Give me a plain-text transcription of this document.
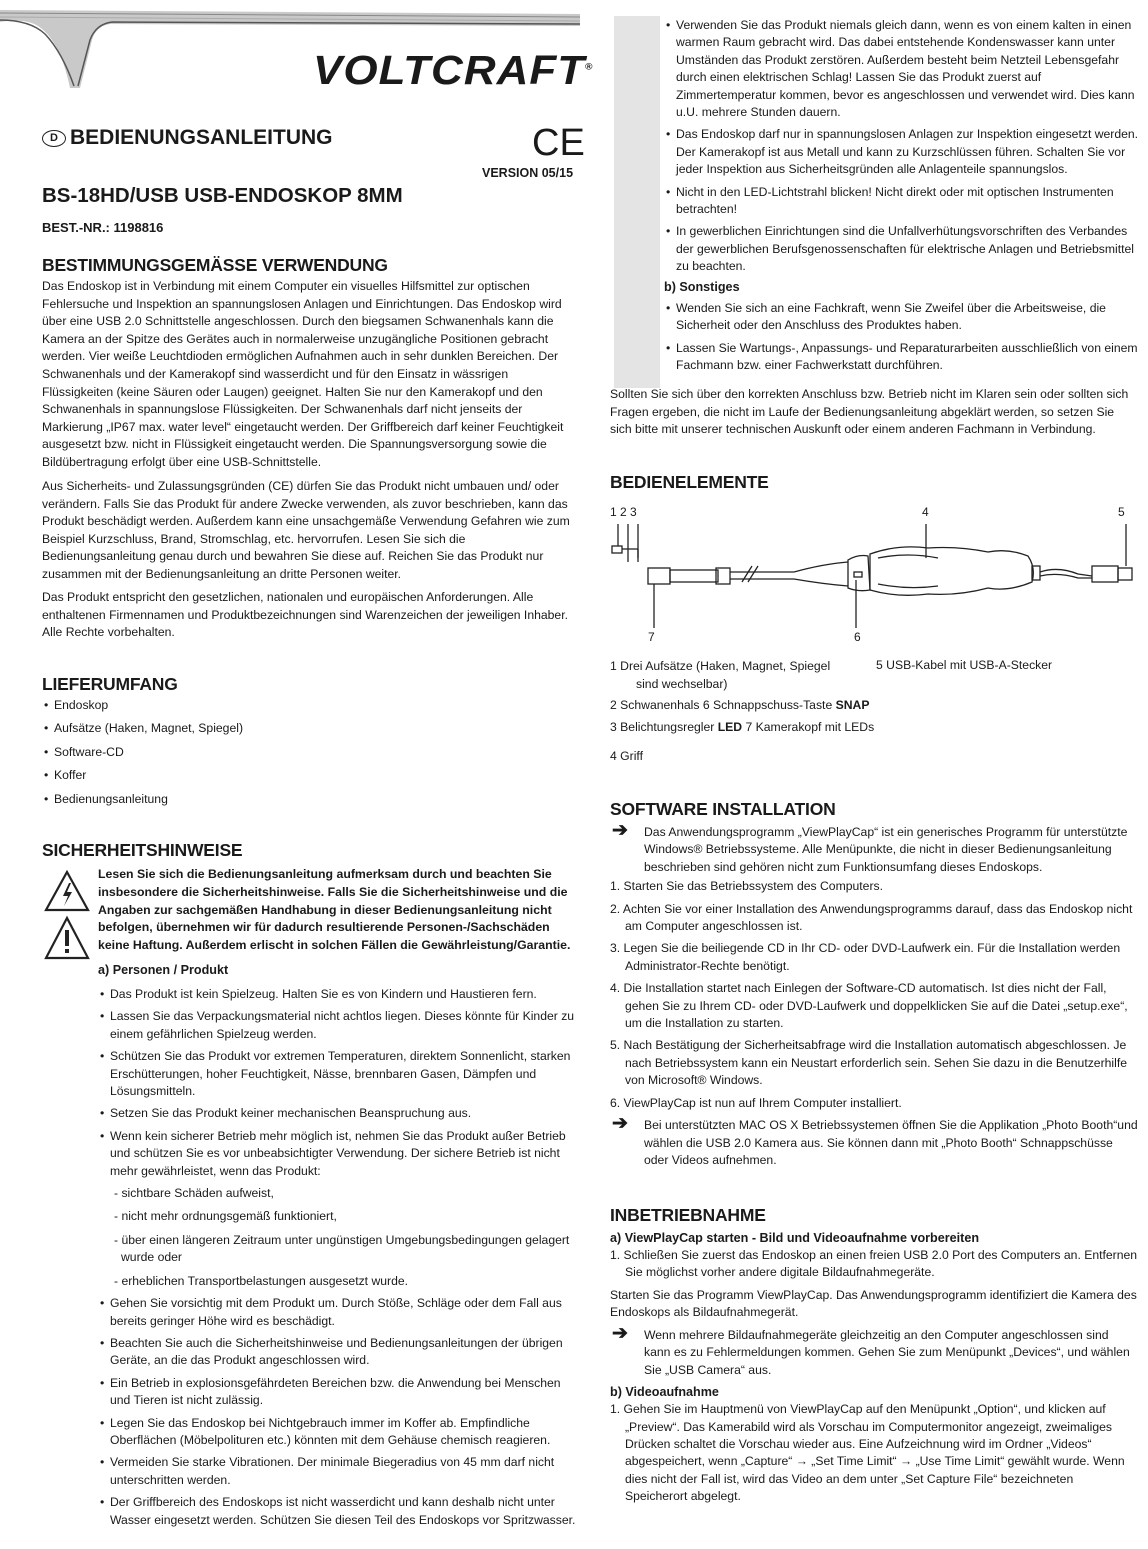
VOLTCRAFT®
D BEDIENUNGSANLEITUNG	CE
VERSION 05/15
BS-18HD/USB USB-ENDOSKOP 8MM
BEST.-NR.: 1198816
BESTIMMUNGSGEMÄSSE VERWENDUNG

Das Endoskop ist in Verbindung mit einem Computer ein visuelles Hilfsmittel zur optischen Fehlersuche und Inspektion an spannungslosen Anlagen und Einrichtungen. Das Endoskop wird über eine USB 2.0 Schnittstelle angeschlossen. Durch den biegsamen Schwanenhals kann die Kamera an der Spitze des Gerätes auch in normalerweise unzugängliche Positionen gebracht werden. Vier weiße Leuchtdioden ermöglichen Aufnahmen auch in sehr dunklen Bereichen. Der Schwanenhals und der Kamerakopf sind wasserdicht und für den Einsatz in wässrigen Flüssigkeiten (keine Säuren oder Laugen) geeignet. Halten Sie nur den Kamerakopf und den Schwanenhals in spannungslose Flüssigkeiten. Der Schwanenhals darf nicht jenseits der Markierung „IP67 max. water level“ eingetaucht werden. Der Griffbereich darf keiner Feuchtigkeit ausgesetzt bzw. nicht in Flüssigkeit eingetaucht werden. Die Spannungsversorgung sowie die Bildübertragung erfolgt über eine USB-Schnittstelle.

Aus Sicherheits- und Zulassungsgründen (CE) dürfen Sie das Produkt nicht umbauen und/ oder verändern. Falls Sie das Produkt für andere Zwecke verwenden, als zuvor beschrieben, kann das Produkt beschädigt werden. Außerdem kann eine unsachgemäße Verwendung Gefahren wie zum Beispiel Kurzschluss, Brand, Stromschlag, etc. hervorrufen. Lesen Sie sich die Bedienungsanleitung genau durch und bewahren Sie diese auf. Reichen Sie das Produkt nur zusammen mit der Bedienungsanleitung an dritte Personen weiter.

Das Produkt entspricht den gesetzlichen, nationalen und europäischen Anforderungen. Alle enthaltenen Firmennamen und Produktbezeichnungen sind Warenzeichen der jeweiligen Inhaber. Alle Rechte vorbehalten.

LIEFERUMFANG
• Endoskop
• Aufsätze (Haken, Magnet, Spiegel)
• Software-CD
• Koffer
• Bedienungsanleitung
SICHERHEITSHINWEISE

Lesen Sie sich die Bedienungsanleitung aufmerksam durch und beachten Sie insbesondere die Sicherheitshinweise. Falls Sie die Sicherheitshinweise und die Angaben zur sachgemäßen Handhabung in dieser Bedienungsanleitung nicht befolgen, übernehmen wir für dadurch resultierende Personen-/Sachschäden keine Haftung. Außerdem erlischt in solchen Fällen die Gewährleistung/Garantie.

a) Personen / Produkt
• Das Produkt ist kein Spielzeug. Halten Sie es von Kindern und Haustieren fern.
• Lassen Sie das Verpackungsmaterial nicht achtlos liegen. Dieses könnte für Kinder zu einem gefährlichen Spielzeug werden.
• Schützen Sie das Produkt vor extremen Temperaturen, direktem Sonnenlicht, starken Erschütterungen, hoher Feuchtigkeit, Nässe, brennbaren Gasen, Dämpfen und Lösungsmitteln.
• Setzen Sie das Produkt keiner mechanischen Beanspruchung aus.
• Wenn kein sicherer Betrieb mehr möglich ist, nehmen Sie das Produkt außer Betrieb und schützen Sie es vor unbeabsichtigter Verwendung. Der sichere Betrieb ist nicht mehr gewährleistet, wenn das Produkt:
- sichtbare Schäden aufweist,
- nicht mehr ordnungsgemäß funktioniert,
- über einen längeren Zeitraum unter ungünstigen Umgebungsbedingungen gelagert wurde oder
- erheblichen Transportbelastungen ausgesetzt wurde.
• Gehen Sie vorsichtig mit dem Produkt um. Durch Stöße, Schläge oder dem Fall aus bereits geringer Höhe wird es beschädigt.
• Beachten Sie auch die Sicherheitshinweise und Bedienungsanleitungen der übrigen Geräte, an die das Produkt angeschlossen wird.
• Ein Betrieb in explosionsgefährdeten Bereichen bzw. die Anwendung bei Menschen und Tieren ist nicht zulässig.
• Legen Sie das Endoskop bei Nichtgebrauch immer im Koffer ab. Empfindliche Oberflächen (Möbelpolituren etc.) könnten mit dem Gehäuse chemisch reagieren.
• Vermeiden Sie starke Vibrationen. Der minimale Biegeradius von 45 mm darf nicht unterschritten werden.
• Der Griffbereich des Endoskops ist nicht wasserdicht und kann deshalb nicht unter Wasser eingesetzt werden. Schützen Sie diesen Teil des Endoskops vor Spritzwasser.
• Verwenden Sie das Produkt niemals gleich dann, wenn es von einem kalten in einen warmen Raum gebracht wird. Das dabei entstehende Kondenswasser kann unter Umständen das Produkt zerstören. Außerdem besteht beim Netzteil Lebensgefahr durch einen elektrischen Schlag! Lassen Sie das Produkt zuerst auf Zimmertemperatur kommen, bevor es angeschlossen und verwendet wird. Dies kann u.U. mehrere Stunden dauern.
• Das Endoskop darf nur in spannungslosen Anlagen zur Inspektion eingesetzt werden. Der Kamerakopf ist aus Metall und kann zu Kurzschlüssen führen. Schalten Sie vor jeder Inspektion aus Sicherheitsgründen alle Anlagenteile spannungslos.
• Nicht in den LED-Lichtstrahl blicken! Nicht direkt oder mit optischen Instrumenten betrachten!
• In gewerblichen Einrichtungen sind die Unfallverhütungsvorschriften des Verbandes der gewerblichen Berufsgenossenschaften für elektrische Anlagen und Betriebsmittel zu beachten.
b) Sonstiges
• Wenden Sie sich an eine Fachkraft, wenn Sie Zweifel über die Arbeitsweise, die Sicherheit oder den Anschluss des Produktes haben.
• Lassen Sie Wartungs-, Anpassungs- und Reparaturarbeiten ausschließlich von einem Fachmann bzw. einer Fachwerkstatt durchführen.

Sollten Sie sich über den korrekten Anschluss bzw. Betrieb nicht im Klaren sein oder sollten sich Fragen ergeben, die nicht im Laufe der Bedienungsanleitung abgeklärt werden, so setzen Sie sich bitte mit unserer technischen Auskunft oder einem anderen Fachmann in Verbindung.

BEDIENELEMENTE
1 2 3	4	5
7	6
1 Drei Aufsätze (Haken, Magnet, Spiegel
sind wechselbar)
5 USB-Kabel mit USB-A-Stecker
2 Schwanenhals 6 Schnappschuss-Taste SNAP
3 Belichtungsregler LED 7 Kamerakopf mit LEDs
4 Griff
SOFTWARE INSTALLATION
➔ Das Anwendungsprogramm „ViewPlayCap“ ist ein generisches Programm für unterstützte Windows® Betriebssysteme. Alle Menüpunkte, die nicht in dieser Bedienungsanleitung beschrieben sind gehören nicht zum Funktionsumfang dieses Endoskops.
1. Starten Sie das Betriebssystem des Computers.
2. Achten Sie vor einer Installation des Anwendungsprogramms darauf, dass das Endoskop nicht am Computer angeschlossen ist.
3. Legen Sie die beiliegende CD in Ihr CD- oder DVD-Laufwerk ein. Für die Installation werden Administrator-Rechte benötigt.
4. Die Installation startet nach Einlegen der Software-CD automatisch. Ist dies nicht der Fall, gehen Sie zu Ihrem CD- oder DVD-Laufwerk und doppelklicken Sie auf die Datei „setup.exe“, um die Installation zu starten.
5. Nach Bestätigung der Sicherheitsabfrage wird die Installation automatisch abgeschlossen. Je nach Betriebssystem kann ein Neustart erforderlich sein. Sehen Sie dazu in die Benutzerhilfe von Microsoft® Windows.
6. ViewPlayCap ist nun auf Ihrem Computer installiert.
➔ Bei unterstützten MAC OS X Betriebssystemen öffnen Sie die Applikation „Photo Booth“und wählen die USB 2.0 Kamera aus. Sie können dann mit „Photo Booth“ Schnappschüsse oder Videos aufnehmen.
INBETRIEBNAHME
a) ViewPlayCap starten - Bild und Videoaufnahme vorbereiten
1. Schließen Sie zuerst das Endoskop an einen freien USB 2.0 Port des Computers an. Entfernen Sie möglichst vorher andere digitale Bildaufnahmegeräte.

Starten Sie das Programm ViewPlayCap. Das Anwendungsprogramm identifiziert die Kamera des Endoskops als Bildaufnahmegerät.

➔ Wenn mehrere Bildaufnahmegeräte gleichzeitig an den Computer angeschlossen sind kann es zu Fehlermeldungen kommen. Gehen Sie zum Menüpunkt „Devices“, und wählen Sie „USB Camera“ aus.
b) Videoaufnahme
1. Gehen Sie im Hauptmenü von ViewPlayCap auf den Menüpunkt „Option“, und klicken auf „Preview“. Das Kamerabild wird als Vorschau im Computermonitor angezeigt, zweimaliges Drücken schaltet die Vorschau wieder aus. Eine Aufzeichnung wird im Ordner „Videos“ abgespeichert, wenn „Capture“ → „Set Time Limit“ → „Use Time Limit“ gewählt wurde. Wenn dies nicht der Fall ist, wird das Video an dem unter „Set Capture File“ bezeichneten Speicherort abgelegt.
